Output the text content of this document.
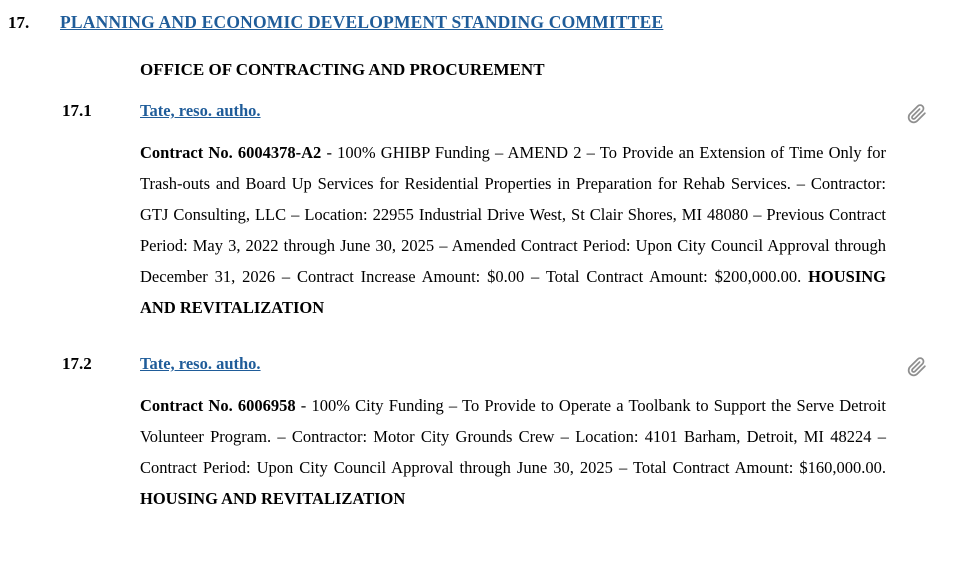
17.	PLANNING AND ECONOMIC DEVELOPMENT STANDING COMMITTEE
OFFICE OF CONTRACTING AND PROCUREMENT
17.1	Tate, reso. autho.

Contract No. 6004378-A2 - 100% GHIBP Funding – AMEND 2 – To Provide an Extension of Time Only for Trash-outs and Board Up Services for Residential Properties in Preparation for Rehab Services. – Contractor: GTJ Consulting, LLC – Location: 22955 Industrial Drive West, St Clair Shores, MI 48080 – Previous Contract Period: May 3, 2022 through June 30, 2025 – Amended Contract Period: Upon City Council Approval through December 31, 2026 – Contract Increase Amount: $0.00 – Total Contract Amount: $200,000.00. HOUSING AND REVITALIZATION

17.2	Tate, reso. autho.

Contract No. 6006958 - 100% City Funding – To Provide to Operate a Toolbank to Support the Serve Detroit Volunteer Program. – Contractor: Motor City Grounds Crew – Location: 4101 Barham, Detroit, MI 48224 – Contract Period: Upon City Council Approval through June 30, 2025 – Total Contract Amount: $160,000.00. HOUSING AND REVITALIZATION
